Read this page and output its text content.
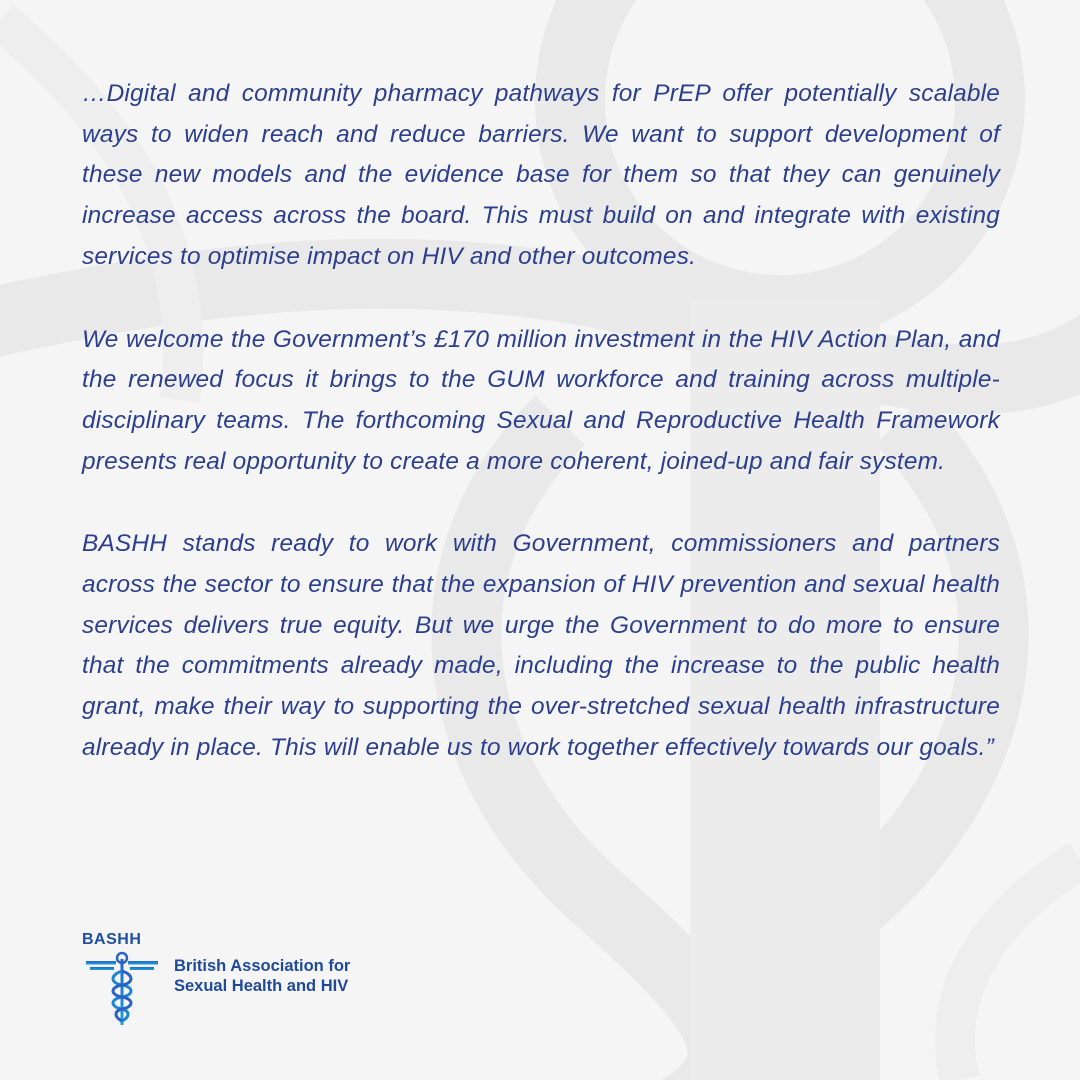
…Digital and community pharmacy pathways for PrEP offer potentially scalable ways to widen reach and reduce barriers. We want to support development of these new models and the evidence base for them so that they can genuinely increase access across the board. This must build on and integrate with existing services to optimise impact on HIV and other outcomes.

We welcome the Government’s £170 million investment in the HIV Action Plan, and the renewed focus it brings to the GUM workforce and training across multiple-disciplinary teams. The forthcoming Sexual and Reproductive Health Framework presents real opportunity to create a more coherent, joined-up and fair system.

BASHH stands ready to work with Government, commissioners and partners across the sector to ensure that the expansion of HIV prevention and sexual health services delivers true equity. But we urge the Government to do more to ensure that the commitments already made, including the increase to the public health grant, make their way to supporting the over-stretched sexual health infrastructure already in place. This will enable us to work together effectively towards our goals.”

BASHH
British Association for
Sexual Health and HIV
